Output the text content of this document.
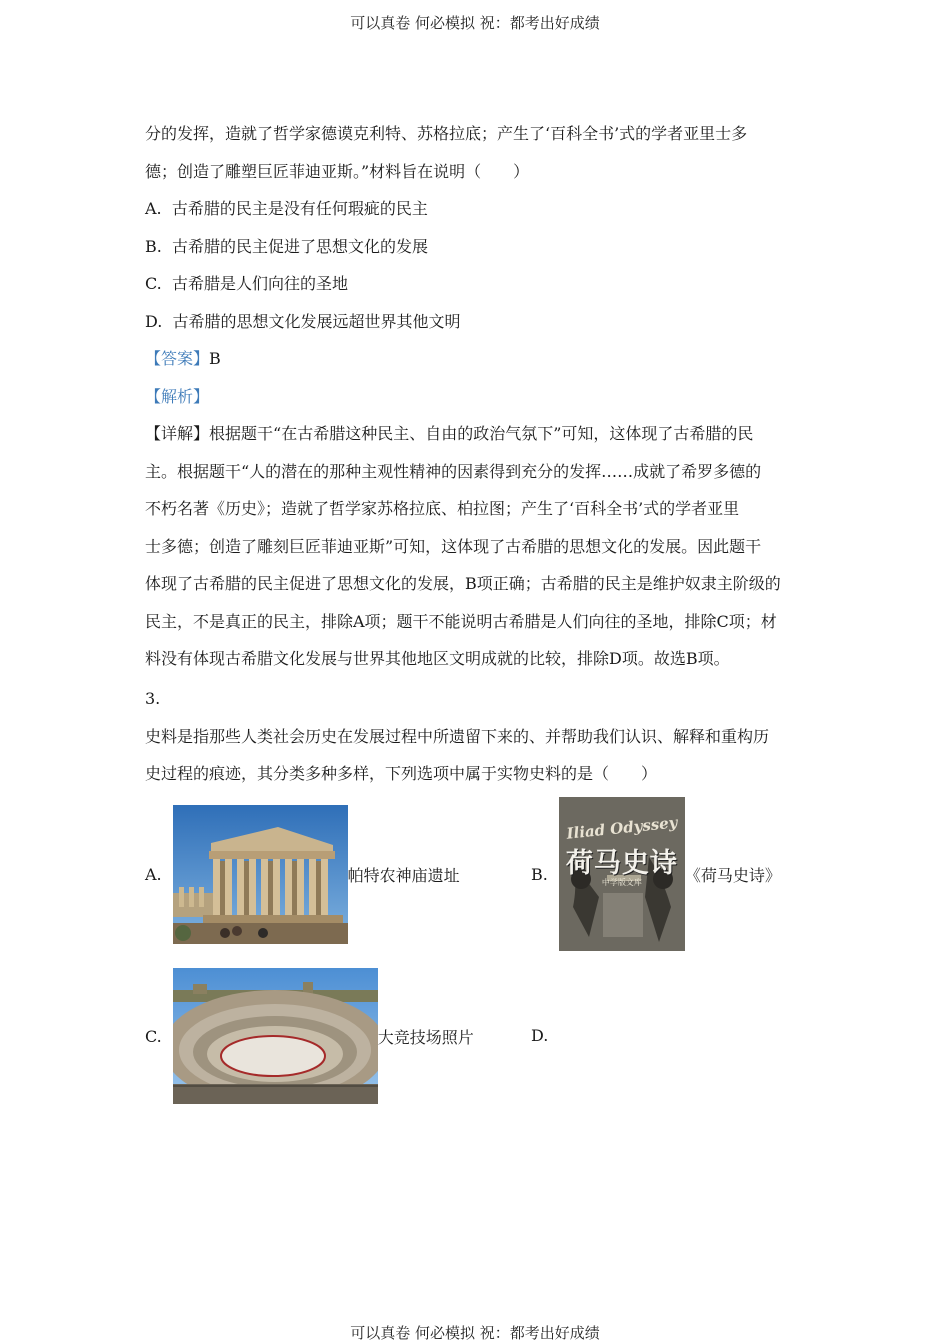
可以真卷 何必模拟 祝：都考出好成绩
分的发挥，造就了哲学家德谟克利特、苏格拉底；产生了‘百科全书’式的学者亚里士多
德；创造了雕塑巨匠菲迪亚斯。”材料旨在说明（　　）
A. 古希腊的民主是没有任何瑕疵的民主
B. 古希腊的民主促进了思想文化的发展
C. 古希腊是人们向往的圣地
D. 古希腊的思想文化发展远超世界其他文明
【答案】B
【解析】
【详解】根据题干“在古希腊这种民主、自由的政治气氛下”可知，这体现了古希腊的民
主。根据题干“人的潜在的那种主观性精神的因素得到充分的发挥……成就了希罗多德的
不朽名著《历史》；造就了哲学家苏格拉底、柏拉图；产生了‘百科全书’式的学者亚里
士多德；创造了雕刻巨匠菲迪亚斯”可知，这体现了古希腊的思想文化的发展。因此题干
体现了古希腊的民主促进了思想文化的发展，B项正确；古希腊的民主是维护奴隶主阶级的
民主，不是真正的民主，排除A项；题干不能说明古希腊是人们向往的圣地，排除C项；材
料没有体现古希腊文化发展与世界其他地区文明成就的比较，排除D项。故选B项。
3.
史料是指那些人类社会历史在发展过程中所遗留下来的、并帮助我们认识、解释和重构历
史过程的痕迹，其分类多种多样，下列选项中属于实物史料的是（　　）
A.	帕特农神庙遗址	B.
Iliad Odyssey
荷马史诗
中学版文库	《荷马史诗》
C.	大竞技场照片	D.
可以真卷 何必模拟 祝：都考出好成绩
